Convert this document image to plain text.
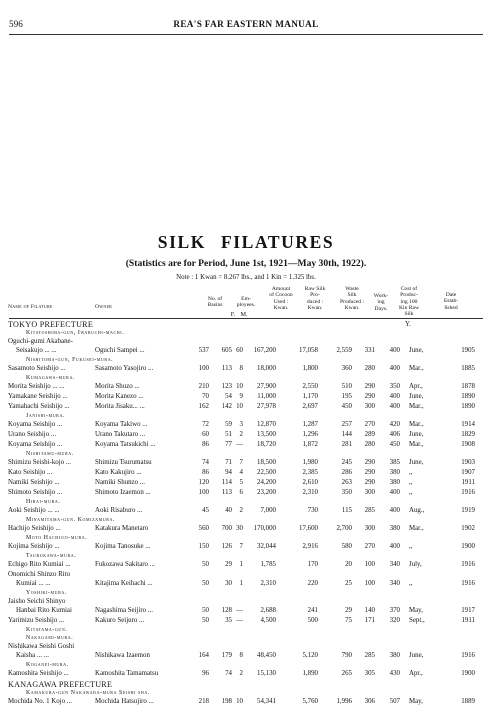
596	REA'S FAR EASTERN MANUAL
SILK FILATURES
(Statistics are for Period, June 1st, 1921—May 30th, 1922).
Note : 1 Kwan = 8.267 lbs., and 1 Kin = 1.325 lbs.
Name of Filature	Owner
No. of
Basins
Em-
ployees.
Amount
of Cocoon
Used :
Kwan.
Raw Silk
Pro-
duced :
Kwan.
Waste
Silk
Produced :
Kwan.
Work-
ing
Days.
Cost of
Produc-
ing 100
Kin Raw
Silk
Date
Estab-
lished
F. M.
TOKYO PREFECTURE	Y.
Kitatoshima-gun, Iwabuchi-machi.
Oguchi-gumi Akabane-
Seisakujo ... ...	Oguchi Sampei ...	537 605 60 167,200	17,058	2,559 331 400 June,	1905
Nishitoma-gun, Fukusei-mura.
Sasamoto Seishijo ...	Sasamoto Yasojiro ...	100 113 8 18,000	1,800	360 280 400 Mar.,	1885
Kumagawa-mura.
Morita Seishijo ... ...	Morita Shuzo ...	210 123 10 27,900	2,550	510 290 350 Apr.,	1878
Yamakane Seishijo ...	Morita Kanezo ...	70 54 9 11,000	1,170	195 290 400 June,	1890
Yamahachi Seishijo ...	Morita Jisaku... ...	162 142 10 27,978	2,697	450 300 400 Mar.,	1890
Janishi-mura.
Koyama Seishijo ...	Koyama Takiwo ...	72 59 3 12,870	1,287	257 270 420 Mar.,	1914
Urano Seishijo ...	Urano Takutaro ...	60 51 2 13,500	1,296	144 289 406 June,	1829
Koyama Seishijo ...	Koyama Tatsukichi ...	86 77 — 18,720	1,872	281 280 450 Mar.,	1908
Nishitamu-mura.
Shimizu Seishi-kojo ...	Shimizu Tsurumatsu	74 71 7 18,500	1,980	245 290 385 June,	1903
Kato Seishijo ...	Kato Kakujiro ...	86 94 4 22,500	2,385	286 290 380 ,,	1907
Namiki Seishijo ...	Namiki Shunzo ...	120 114 5 24,200	2,610	263 290 380 ,,	1911
Shimoto Seishijo ...	Shimoto Izaemon ...	100 113 6 23,200	2,310	350 300 400 ,,	1916
Hirai-mura.
Aoki Seishijo ... ...	Aoki Risaburo ...	45 40 2	7,000	730	115 285 400 Aug.,	1919
Minamitama-gun. Komizamura.
Hachijo Seishijo ...	Katakura Manetaro	560 700 30 170,000	17,600	2,700 300 380 Mar.,	1902
Moto Hachioji-mura.
Kojima Seishijo ...	Kojima Tanosuke ...	150 126 7 32,044	2,916	580 270 400 ,,	1900
Tsurukawa-mura.
Echigo Rito Kumiai ...	Fukozawa Sakitaro ...	50 29 1	1,785	170	20 100 340 July,	1916
Onomichi Shinzo Rito
Kumiai ... ...	Kitajima Keihachi ...	50 30 1	2,310	220	25 100 340 ,,	1916
Yoshiki-mura.
Jaisho Seichi Shinyo
Hanbai Rito Kumiai	Nagashima Seijiro ...	50 128 —	2,688	241	29 140 370 May,	1917
Yarimizu Seishijo ...	Kakuro Seijuro ...	50 35 —	4,500	500	75 171 320 Sept.,	1911
Kitatama-gun.
Nakagami-mura.
Nishikawa Seishi Goshi
Kaisha ... ...	Nishikawa Izaemon	164 179 8 48,450	5,120	790 285 380 June,	1916
Koganei-mura.
Kamoshita Seishijo ...	Kamoshita Tamamatsu	96 74 2 15,130	1,890	265 305 430 Apr.,	1900
KANAGAWA PREFECTURE
Kamakura-gun Nakawada-mura Seishi sha.
Mochida No. 1 Kojo ...	Mochida Hatsujiro ...	218 198 10 54,341	5,760	1,996 306 507 May,	1889
